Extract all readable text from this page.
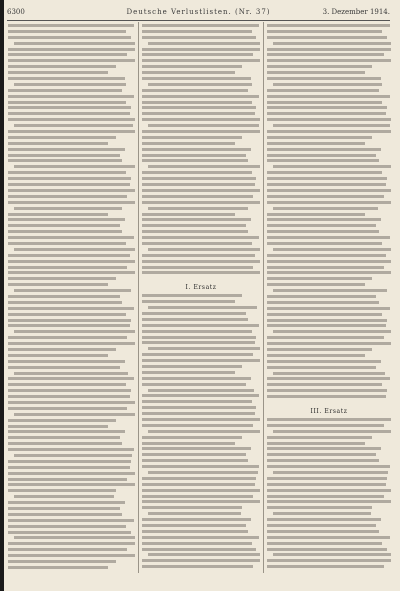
6300	Deutsche Verlustlisten. (Nr. 37)	3. Dezember 1914.
I. Ersatz
III. Ersatz
